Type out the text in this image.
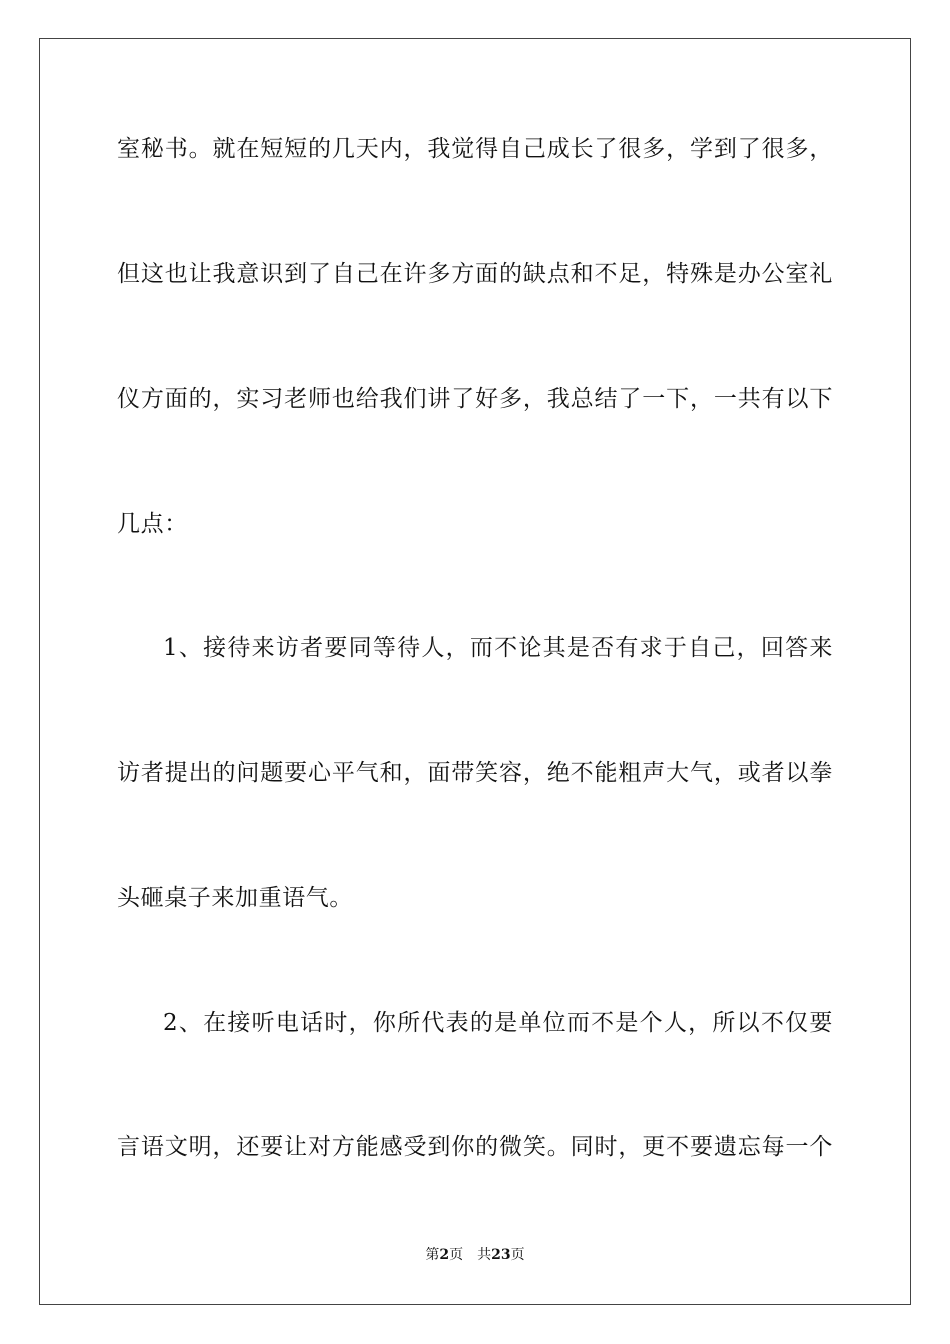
室秘书。就在短短的几天内，我觉得自己成长了很多，学到了很多，
但这也让我意识到了自己在许多方面的缺点和不足，特殊是办公室礼
仪方面的，实习老师也给我们讲了好多，我总结了一下，一共有以下
几点：
1、接待来访者要同等待人，而不论其是否有求于自己，回答来
访者提出的问题要心平气和，面带笑容，绝不能粗声大气，或者以拳
头砸桌子来加重语气。
2、在接听电话时，你所代表的是单位而不是个人，所以不仅要
言语文明，还要让对方能感受到你的微笑。同时，更不要遗忘每一个
第2页 共23页
